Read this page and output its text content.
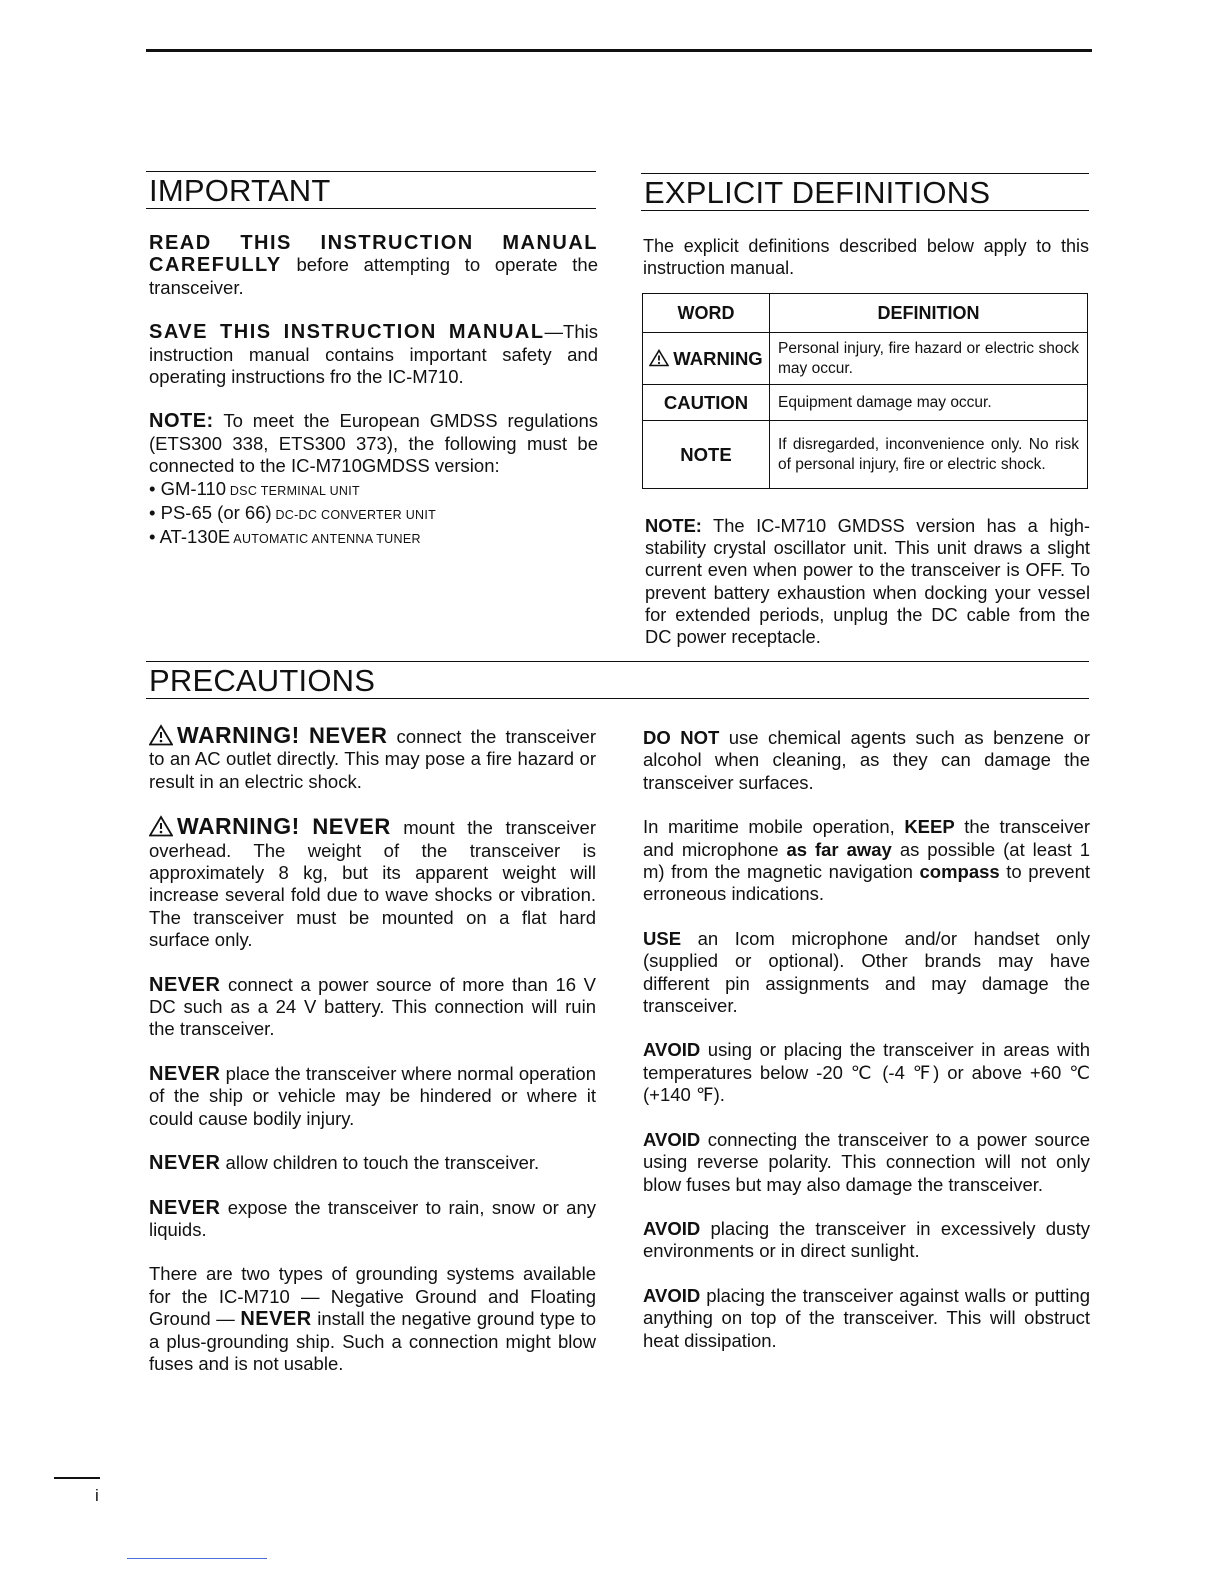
IMPORTANT

READ THIS INSTRUCTION MANUAL CAREFULLY before attempting to operate the transceiver.

SAVE THIS INSTRUCTION MANUAL—This instruction manual contains important safety and operating instructions fro the IC-M710.

NOTE: To meet the European GMDSS regulations (ETS300 338, ETS300 373), the following must be connected to the IC-M710GMDSS version:

• GM-110 DSC TERMINAL UNIT
• PS-65 (or 66) DC-DC CONVERTER UNIT
• AT-130E AUTOMATIC ANTENNA TUNER
EXPLICIT DEFINITIONS

The explicit definitions described below apply to this instruction manual.

WORD	DEFINITION
WARNING	Personal injury, fire hazard or electric shock may occur.
CAUTION	Equipment damage may occur.
NOTE	If disregarded, inconvenience only. No risk of personal injury, fire or electric shock.

NOTE: The IC-M710 GMDSS version has a high-stability crystal oscillator unit. This unit draws a slight current even when power to the transceiver is OFF. To prevent battery exhaustion when docking your vessel for extended periods, unplug the DC cable from the DC power receptacle.

PRECAUTIONS

WARNING! NEVER connect the transceiver to an AC outlet directly. This may pose a fire hazard or result in an electric shock.

WARNING! NEVER mount the transceiver overhead. The weight of the transceiver is approximately 8 kg, but its apparent weight will increase several fold due to wave shocks or vibration. The transceiver must be mounted on a flat hard surface only.

NEVER connect a power source of more than 16 V DC such as a 24 V battery. This connection will ruin the transceiver.

NEVER place the transceiver where normal operation of the ship or vehicle may be hindered or where it could cause bodily injury.

NEVER allow children to touch the transceiver.

NEVER expose the transceiver to rain, snow or any liquids.

There are two types of grounding systems available for the IC-M710 — Negative Ground and Floating Ground — NEVER install the negative ground type to a plus-grounding ship. Such a connection might blow fuses and is not usable.

DO NOT use chemical agents such as benzene or alcohol when cleaning, as they can damage the transceiver surfaces.

In maritime mobile operation, KEEP the transceiver and microphone as far away as possible (at least 1 m) from the magnetic navigation compass to prevent erroneous indications.

USE an Icom microphone and/or handset only (supplied or optional). Other brands may have different pin assignments and may damage the transceiver.

AVOID using or placing the transceiver in areas with temperatures below -20 ℃ (-4 ℉) or above +60 ℃ (+140 ℉).

AVOID connecting the transceiver to a power source using reverse polarity. This connection will not only blow fuses but may also damage the transceiver.

AVOID placing the transceiver in excessively dusty environments or in direct sunlight.

AVOID placing the transceiver against walls or putting anything on top of the transceiver. This will obstruct heat dissipation.

i
